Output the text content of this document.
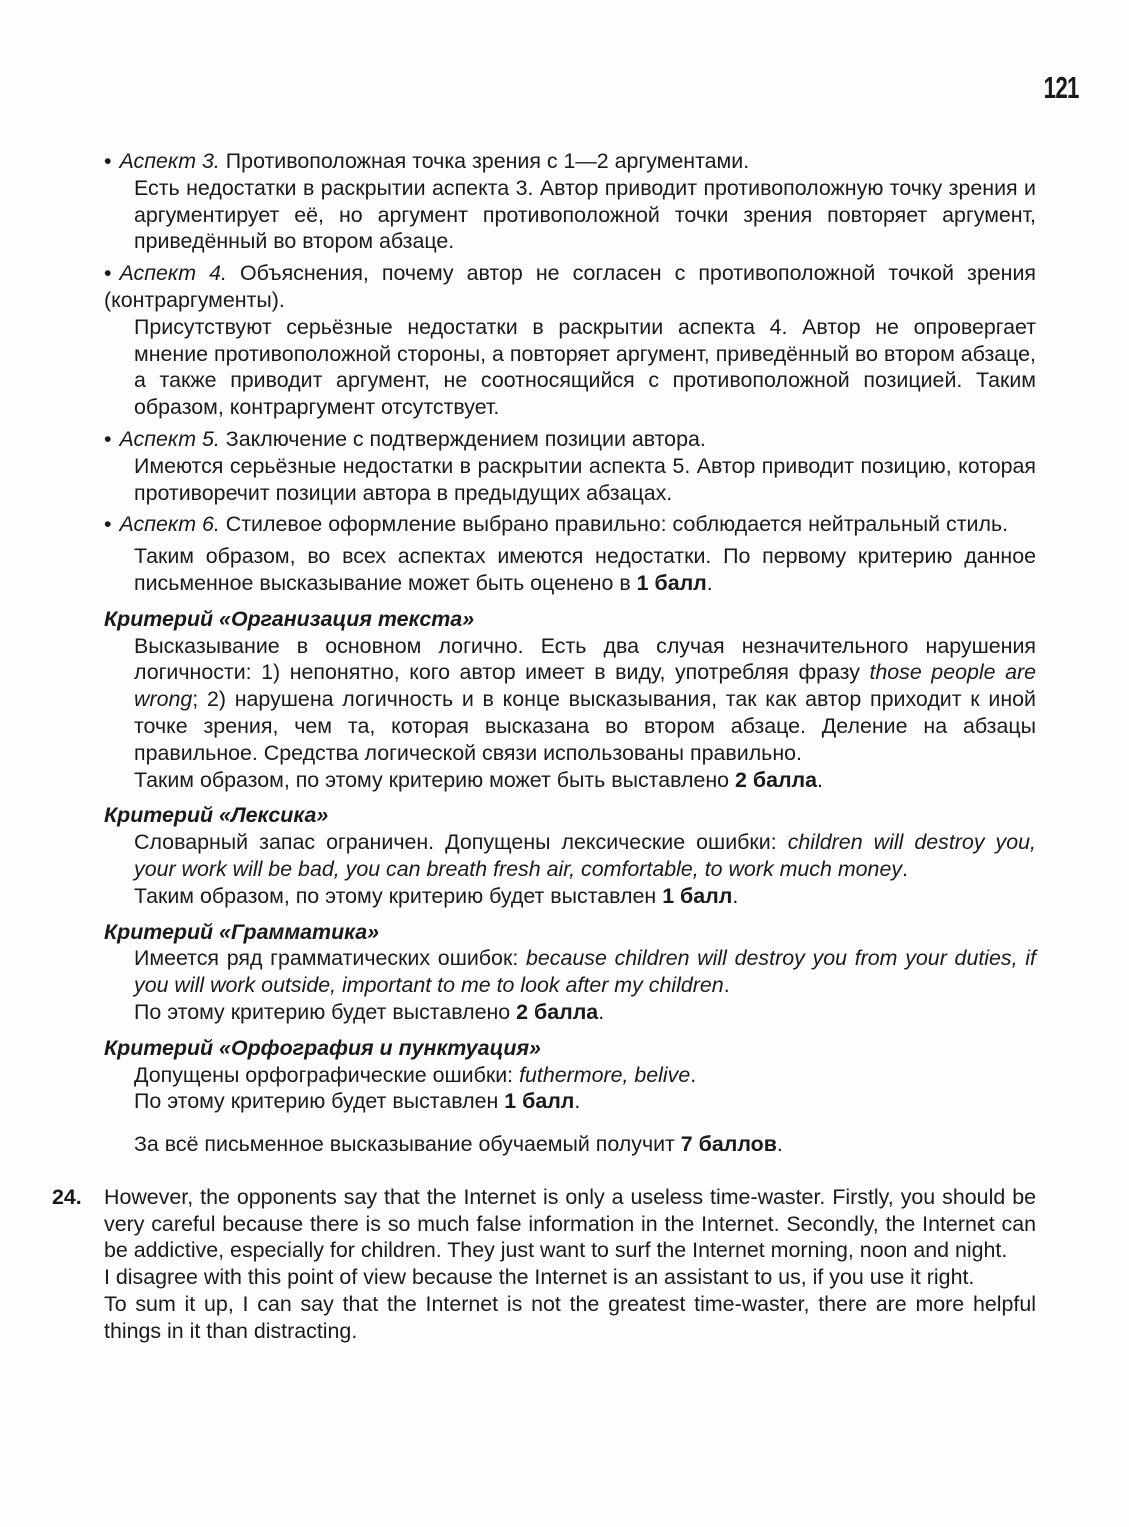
121

• Аспект 3. Противоположная точка зрения с 1—2 аргументами.

Есть недостатки в раскрытии аспекта 3. Автор приводит противоположную точку зрения и аргументирует её, но аргумент противоположной точки зрения повторяет аргумент, приведённый во втором абзаце.

• Аспект 4. Объяснения, почему автор не согласен с противоположной точкой зрения (контраргументы).

Присутствуют серьёзные недостатки в раскрытии аспекта 4. Автор не опровергает мнение противоположной стороны, а повторяет аргумент, приведённый во втором абзаце, а также приводит аргумент, не соотносящийся с противоположной позицией. Таким образом, контраргумент отсутствует.

• Аспект 5. Заключение с подтверждением позиции автора.

Имеются серьёзные недостатки в раскрытии аспекта 5. Автор приводит позицию, которая противоречит позиции автора в предыдущих абзацах.

• Аспект 6. Стилевое оформление выбрано правильно: соблюдается нейтральный стиль.

Таким образом, во всех аспектах имеются недостатки. По первому критерию данное письменное высказывание может быть оценено в 1 балл.

Критерий «Организация текста»

Высказывание в основном логично. Есть два случая незначительного нарушения логичности: 1) непонятно, кого автор имеет в виду, употребляя фразу those people are wrong; 2) нарушена логичность и в конце высказывания, так как автор приходит к иной точке зрения, чем та, которая высказана во втором абзаце. Деление на абзацы правильное. Средства логической связи использованы правильно.

Таким образом, по этому критерию может быть выставлено 2 балла.

Критерий «Лексика»

Словарный запас ограничен. Допущены лексические ошибки: children will destroy you, your work will be bad, you can breath fresh air, comfortable, to work much money.

Таким образом, по этому критерию будет выставлен 1 балл.

Критерий «Грамматика»

Имеется ряд грамматических ошибок: because children will destroy you from your duties, if you will work outside, important to me to look after my children.

По этому критерию будет выставлено 2 балла.

Критерий «Орфография и пунктуация»

Допущены орфографические ошибки: futhermore, belive.

По этому критерию будет выставлен 1 балл.

За всё письменное высказывание обучаемый получит 7 баллов.

24. However, the opponents say that the Internet is only a useless time-waster. Firstly, you should be very careful because there is so much false information in the Internet. Secondly, the Internet can be addictive, especially for children. They just want to surf the Internet morning, noon and night.

I disagree with this point of view because the Internet is an assistant to us, if you use it right.

To sum it up, I can say that the Internet is not the greatest time-waster, there are more helpful things in it than distracting.
